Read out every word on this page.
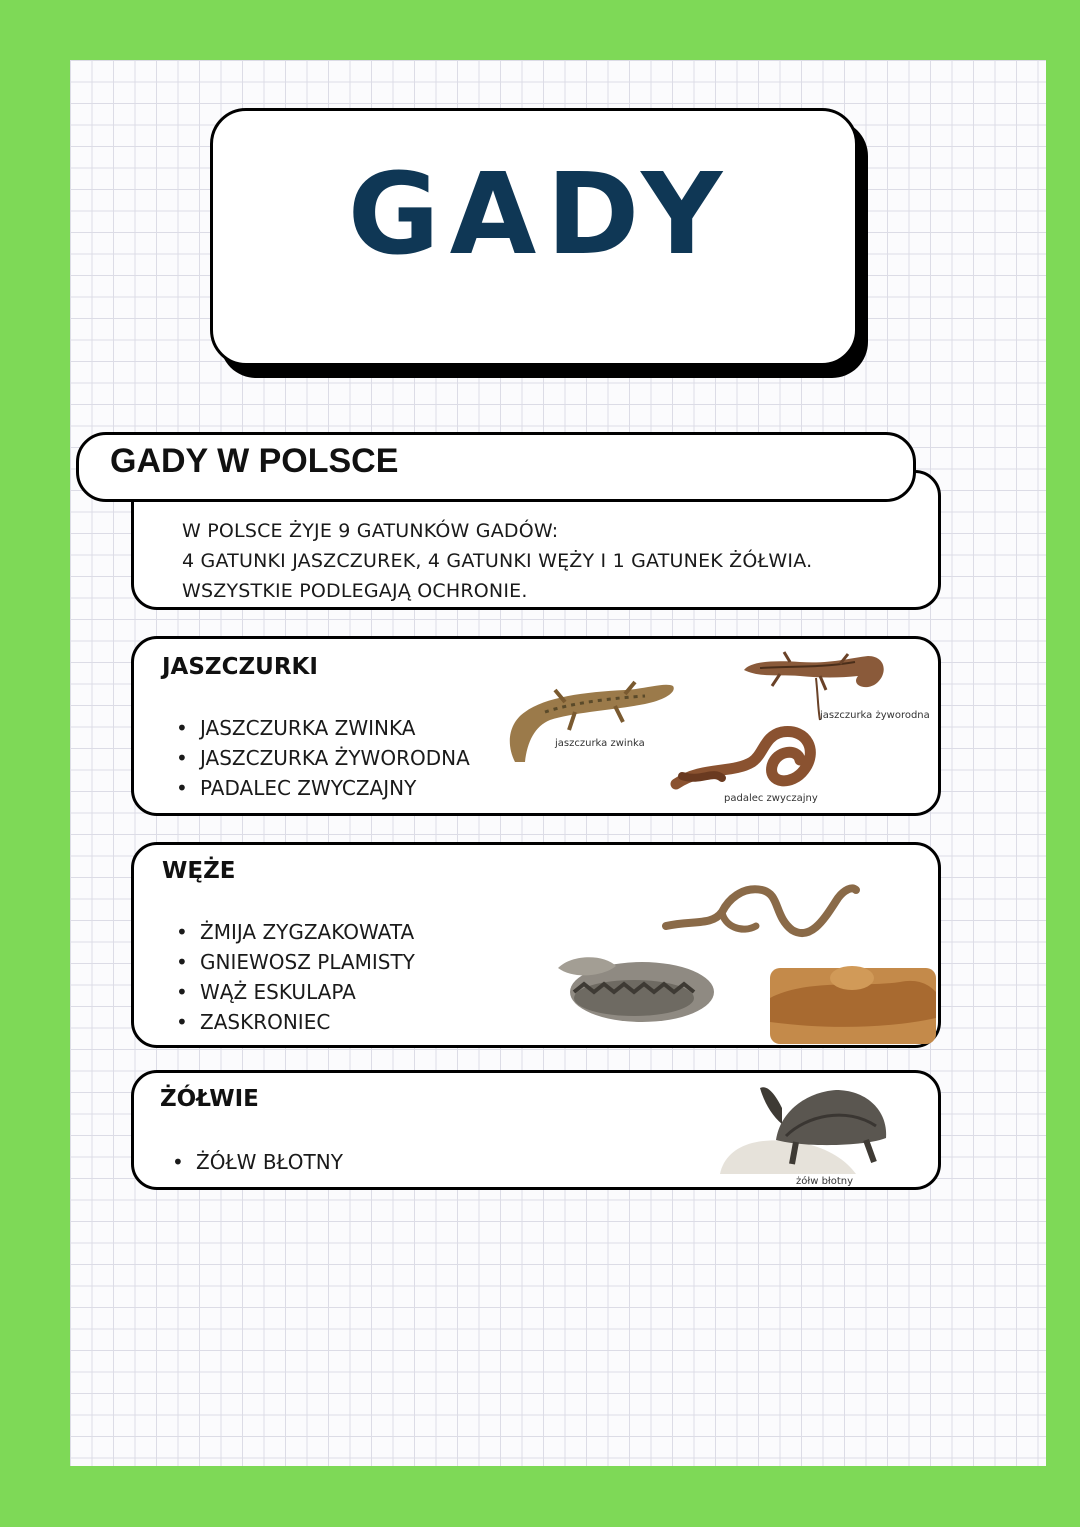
GADY
GADY W POLSCE
W POLSCE ŻYJE 9 GATUNKÓW GADÓW:
4 GATUNKI JASZCZUREK, 4 GATUNKI WĘŻY I 1 GATUNEK ŻÓŁWIA.
WSZYSTKIE PODLEGAJĄ OCHRONIE.
JASZCZURKI
• JASZCZURKA ZWINKA
• JASZCZURKA ŻYWORODNA
• PADALEC ZWYCZAJNY
jaszczurka zwinka
jaszczurka żyworodna
padalec zwyczajny
WĘŻE
• ŻMIJA ZYGZAKOWATA
• GNIEWOSZ PLAMISTY
• WĄŻ ESKULAPA
• ZASKRONIEC
ŻÓŁWIE
• ŻÓŁW BŁOTNY
żółw błotny
